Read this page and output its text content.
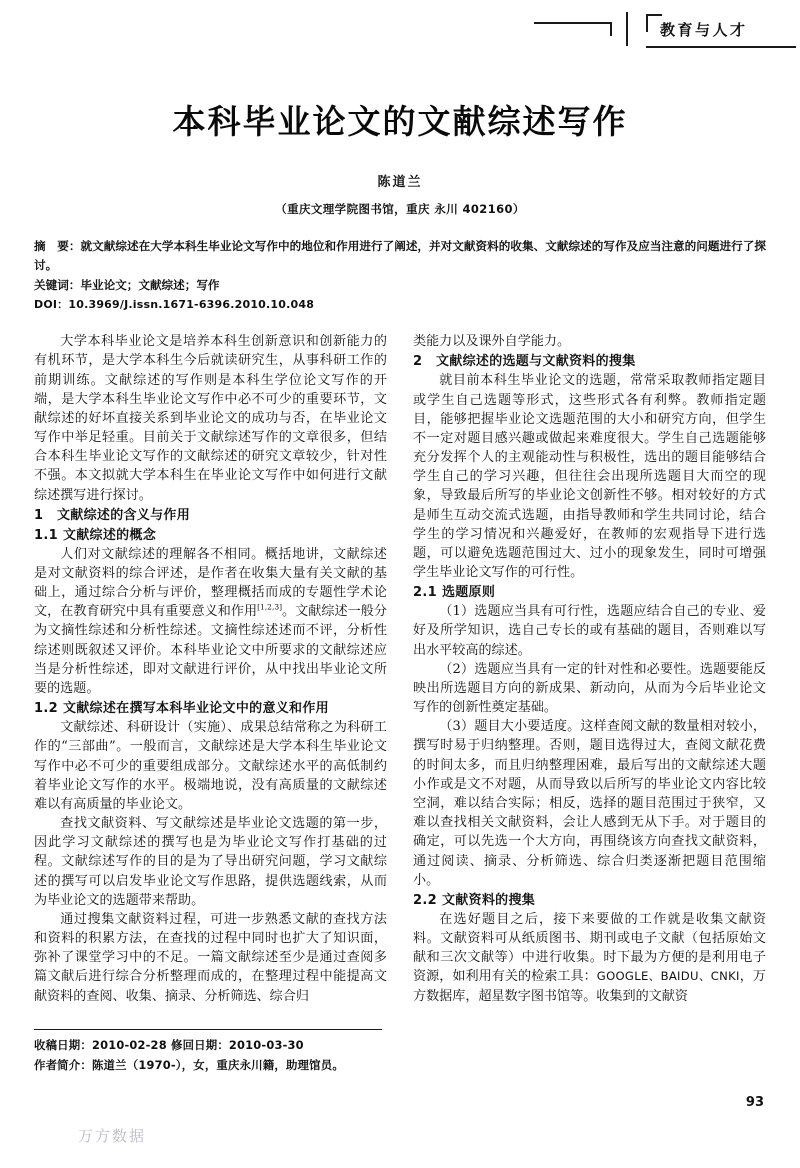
教育与人才
本科毕业论文的文献综述写作
陈道兰
（重庆文理学院图书馆，重庆 永川 402160）
摘　要：就文献综述在大学本科生毕业论文写作中的地位和作用进行了阐述，并对文献资料的收集、文献综述的写作及应当注意的问题进行了探讨。
关键词：毕业论文；文献综述；写作
DOI：10.3969/J.issn.1671-6396.2010.10.048

大学本科毕业论文是培养本科生创新意识和创新能力的有机环节，是大学本科生今后就读研究生，从事科研工作的前期训练。文献综述的写作则是本科生学位论文写作的开端，是大学本科生毕业论文写作中必不可少的重要环节，文献综述的好坏直接关系到毕业论文的成功与否，在毕业论文写作中举足轻重。目前关于文献综述写作的文章很多，但结合本科生毕业论文写作的文献综述的研究文章较少，针对性不强。本文拟就大学本科生在毕业论文写作中如何进行文献综述撰写进行探讨。

1 文献综述的含义与作用
1.1 文献综述的概念

人们对文献综述的理解各不相同。概括地讲，文献综述是对文献资料的综合评述，是作者在收集大量有关文献的基础上，通过综合分析与评价，整理概括而成的专题性学术论文，在教育研究中具有重要意义和作用[1,2,3]。文献综述一般分为文摘性综述和分析性综述。文摘性综述述而不评，分析性综述则既叙述又评价。本科毕业论文中所要求的文献综述应当是分析性综述，即对文献进行评价，从中找出毕业论文所要的选题。

1.2 文献综述在撰写本科毕业论文中的意义和作用

文献综述、科研设计（实施）、成果总结常称之为科研工作的“三部曲”。一般而言，文献综述是大学本科生毕业论文写作中必不可少的重要组成部分。文献综述水平的高低制约着毕业论文写作的水平。极端地说，没有高质量的文献综述难以有高质量的毕业论文。

查找文献资料、写文献综述是毕业论文选题的第一步，因此学习文献综述的撰写也是为毕业论文写作打基础的过程。文献综述写作的目的是为了导出研究问题，学习文献综述的撰写可以启发毕业论文写作思路，提供选题线索，从而为毕业论文的选题带来帮助。

通过搜集文献资料过程，可进一步熟悉文献的查找方法和资料的积累方法，在查找的过程中同时也扩大了知识面，弥补了课堂学习中的不足。一篇文献综述至少是通过查阅多篇文献后进行综合分析整理而成的，在整理过程中能提高文献资料的查阅、收集、摘录、分析筛选、综合归

类能力以及课外自学能力。

2 文献综述的选题与文献资料的搜集

就目前本科生毕业论文的选题，常常采取教师指定题目或学生自己选题等形式，这些形式各有利弊。教师指定题目，能够把握毕业论文选题范围的大小和研究方向，但学生不一定对题目感兴趣或做起来难度很大。学生自己选题能够充分发挥个人的主观能动性与积极性，选出的题目能够结合学生自己的学习兴趣，但往往会出现所选题目大而空的现象，导致最后所写的毕业论文创新性不够。相对较好的方式是师生互动交流式选题，由指导教师和学生共同讨论，结合学生的学习情况和兴趣爱好，在教师的宏观指导下进行选题，可以避免选题范围过大、过小的现象发生，同时可增强学生毕业论文写作的可行性。

2.1 选题原则

（1）选题应当具有可行性，选题应结合自己的专业、爱好及所学知识，选自己专长的或有基础的题目，否则难以写出水平较高的综述。

（2）选题应当具有一定的针对性和必要性。选题要能反映出所选题目方向的新成果、新动向，从而为今后毕业论文写作的创新性奠定基础。

（3）题目大小要适度。这样查阅文献的数量相对较小，撰写时易于归纳整理。否则，题目选得过大，查阅文献花费的时间太多，而且归纳整理困难，最后写出的文献综述大题小作或是文不对题，从而导致以后所写的毕业论文内容比较空洞，难以结合实际；相反，选择的题目范围过于狭窄，又难以查找相关文献资料，会让人感到无从下手。对于题目的确定，可以先选一个大方向，再围绕该方向查找文献资料，通过阅读、摘录、分析筛选、综合归类逐渐把题目范围缩小。

2.2 文献资料的搜集

在选好题目之后，接下来要做的工作就是收集文献资料。文献资料可从纸质图书、期刊或电子文献（包括原始文献和三次文献等）中进行收集。时下最为方便的是利用电子资源，如利用有关的检索工具：GOOGLE、BAIDU、CNKI，万方数据库，超星数字图书馆等。收集到的文献资

收稿日期：2010-02-28 修回日期：2010-03-30
作者简介：陈道兰（1970-），女，重庆永川籍，助理馆员。
万方数据
93
